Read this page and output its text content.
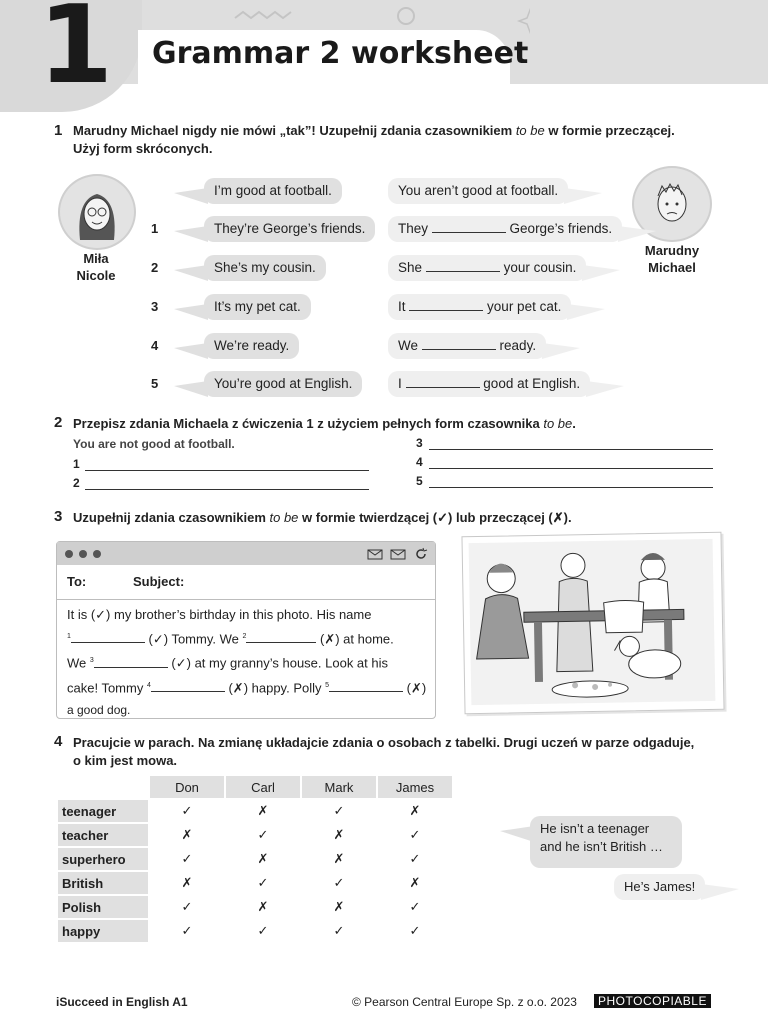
1 Grammar 2 worksheet
1 Marudny Michael nigdy nie mówi „tak”! Uzupełnij zdania czasownikiem to be w formie przeczącej.
Użyj form skróconych.
Miła
Nicole
Marudny
Michael
I’m good at football.	You aren’t good at football.
1	They’re George’s friends.	They	George’s friends.
2	She’s my cousin.	She	your cousin.
3	It’s my pet cat.	It	your pet cat.
4	We’re ready.	We	ready.
5	You’re good at English.	I	good at English.
2 Przepisz zdania Michaela z ćwiczenia 1 z użyciem pełnych form czasownika to be.
You are not good at football.
1
2
3
4
5
3 Uzupełnij zdania czasownikiem to be w formie twierdzącej (✓) lub przeczącej (✗).
To:	Subject:
It is (✓) my brother’s birthday in this photo. His name
$^1$	(✓) Tommy. We $^2$	(✗) at home.
We $^3$	(✓) at my granny’s house. Look at his
cake! Tommy $^4$	(✗) happy. Polly $^5$	(✗)
a good dog.
4 Pracujcie w parach. Na zmianę układajcie zdania o osobach z tabelki. Drugi uczeń w parze odgaduje,
o kim jest mowa.
	Don	Carl	Mark	James
teenager	✓	✗	✓	✗
teacher	✗	✓	✗	✓
superhero	✓	✗	✗	✓
British	✗	✓	✓	✗
Polish	✓	✗	✗	✓
happy	✓	✓	✓	✓
He isn’t a teenager
and he isn’t British …
He’s James!
iSucceed in English A1	© Pearson Central Europe Sp. z o.o. 2023	PHOTOCOPIABLE
